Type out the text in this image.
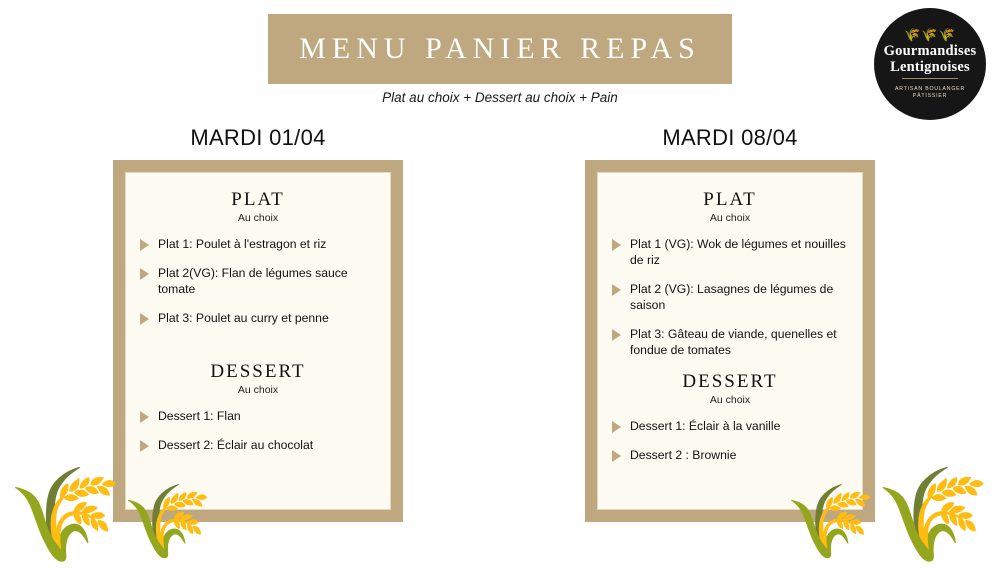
MENU PANIER REPAS
Plat au choix + Dessert au choix + Pain
🌾🌾🌾
Gourmandises
Lentignoises
ARTISAN BOULANGER
PÂTISSIER
MARDI 01/04
PLAT
Au choix
Plat 1: Poulet à l'estragon et riz
Plat 2(VG): Flan de légumes sauce tomate
Plat 3: Poulet au curry et penne
DESSERT
Au choix
Dessert 1: Flan
Dessert 2: Éclair au chocolat
MARDI 08/04
PLAT
Au choix
Plat 1 (VG): Wok de légumes et nouilles de riz
Plat 2 (VG): Lasagnes de légumes de saison
Plat 3: Gâteau de viande, quenelles et fondue de tomates
DESSERT
Au choix
Dessert 1: Éclair à la vanille
Dessert 2 : Brownie
🌾🌾	🌾🌾
